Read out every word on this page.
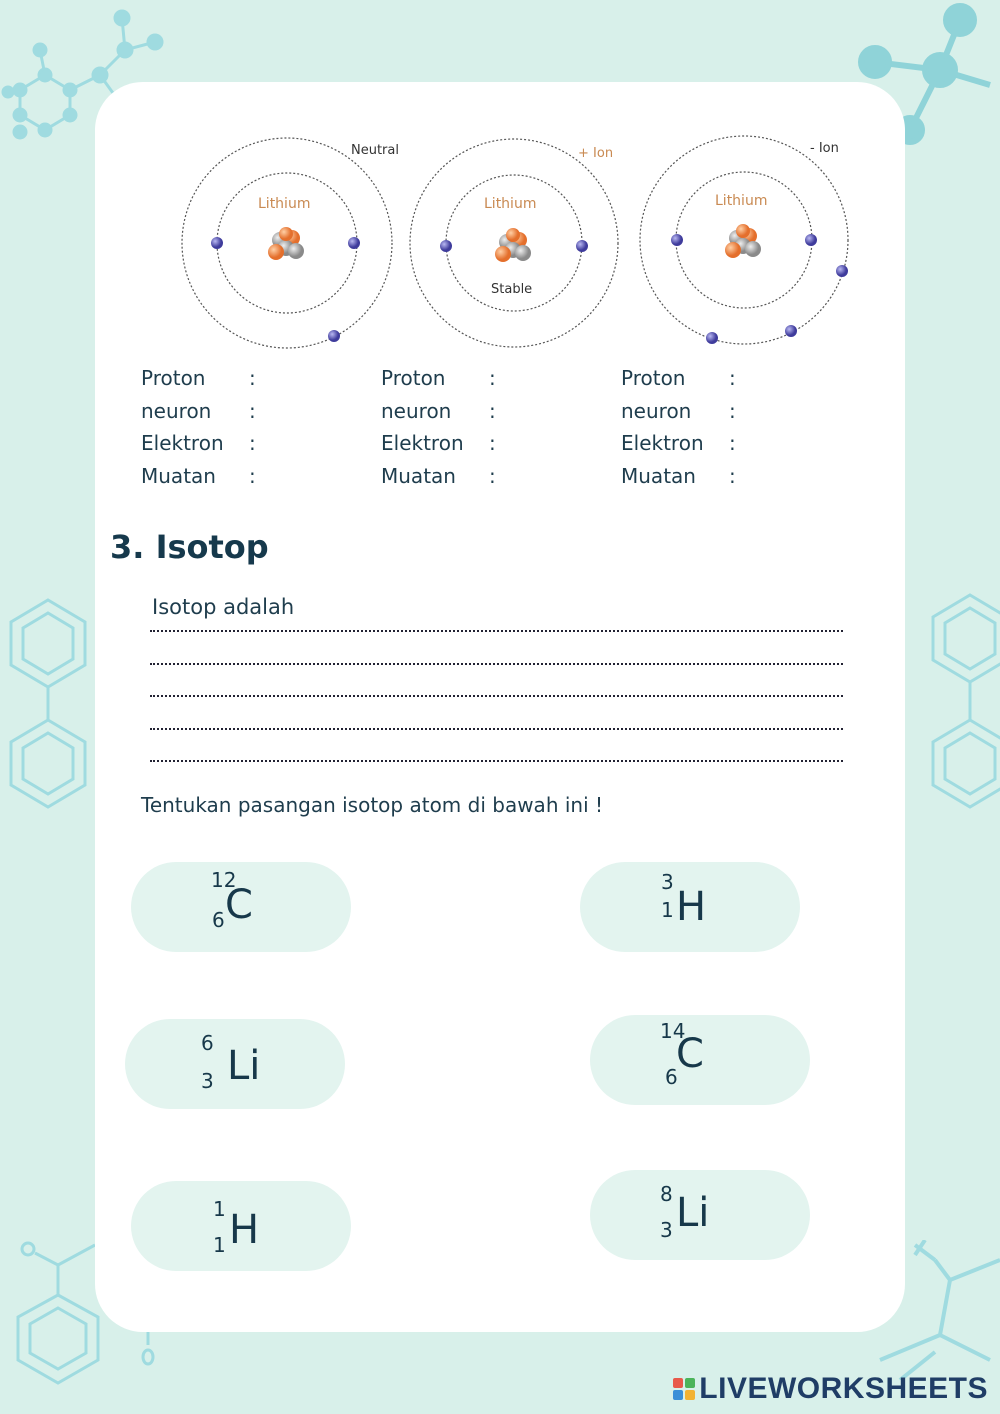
Neutral
Lithium
+ Ion
Lithium
Stable
- Ion
Lithium
Proton	:
neuron	:
Elektron	:
Muatan	:
Proton	:
neuron	:
Elektron	:
Muatan	:
Proton	:
neuron	:
Elektron	:
Muatan	:
3. Isotop
Isotop adalah
Tentukan pasangan isotop atom di bawah ini !
12
6 C	3
1 H
6
3 Li
14
6
C
1
1 H
8
3 Li
LIVEWORKSHEETS
